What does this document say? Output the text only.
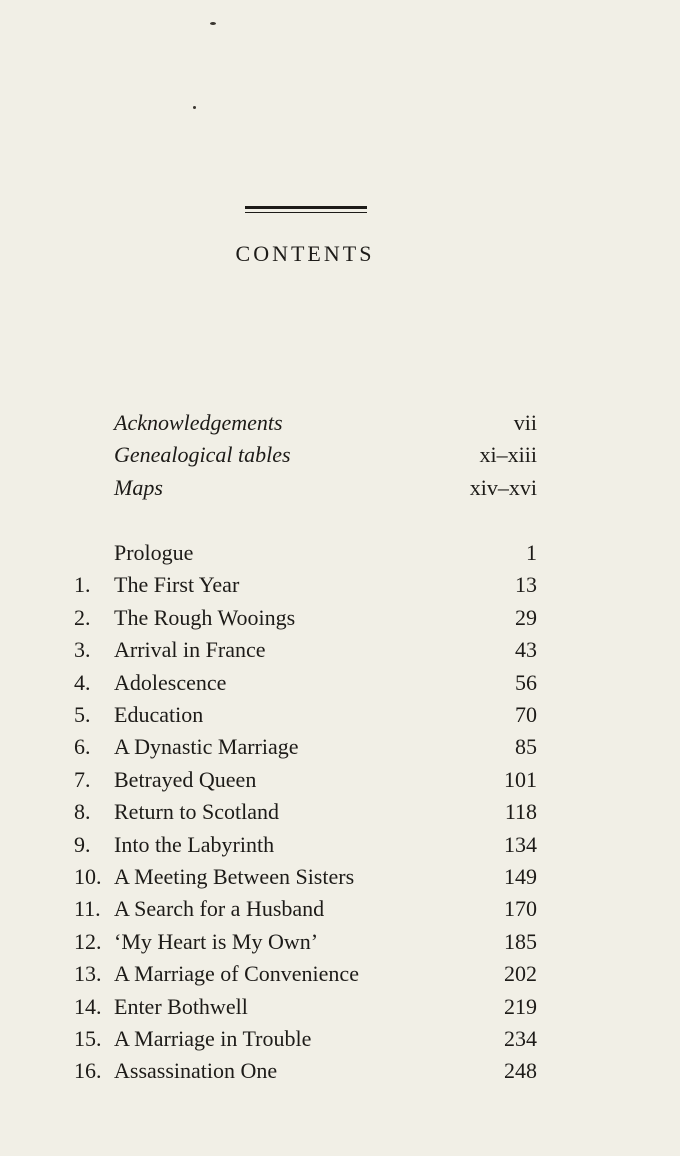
CONTENTS
Acknowledgements	vii
Genealogical tables	xi–xiii
Maps	xiv–xvi
Prologue	1
1.	The First Year	13
2.	The Rough Wooings	29
3.	Arrival in France	43
4.	Adolescence	56
5.	Education	70
6.	A Dynastic Marriage	85
7.	Betrayed Queen	101
8.	Return to Scotland	118
9.	Into the Labyrinth	134
10. A Meeting Between Sisters	149
11. A Search for a Husband	170
12. ‘My Heart is My Own’	185
13. A Marriage of Convenience	202
14. Enter Bothwell	219
15. A Marriage in Trouble	234
16. Assassination One	248
